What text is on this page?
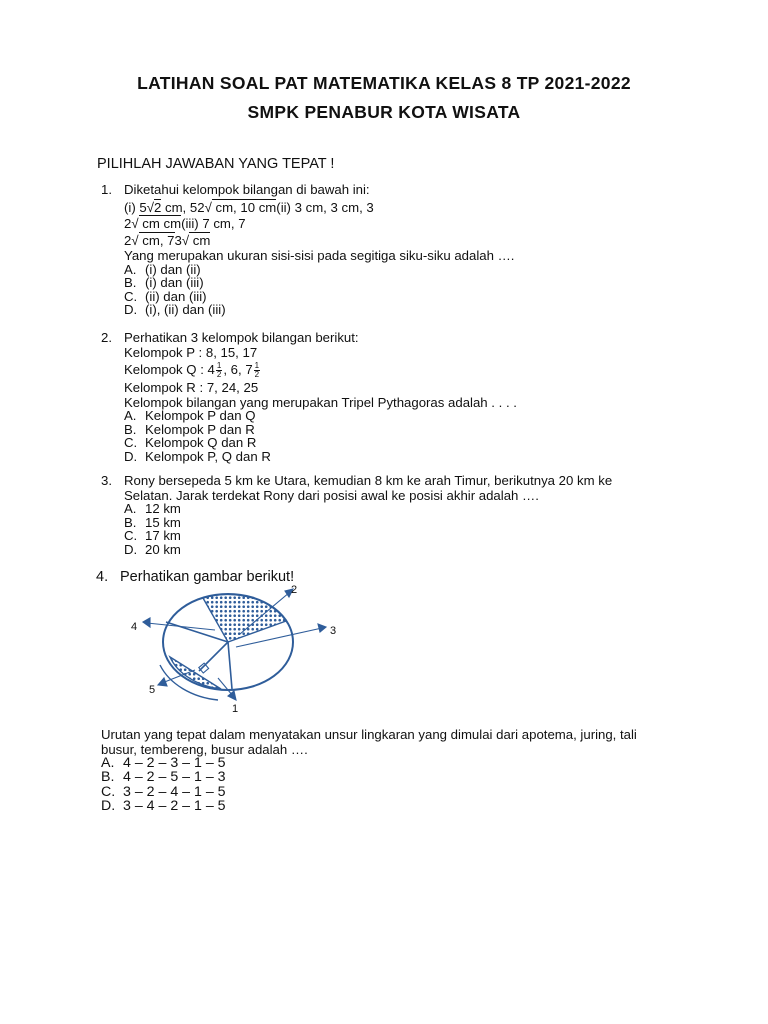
LATIHAN SOAL PAT MATEMATIKA KELAS 8 TP 2021-2022
SMPK PENABUR KOTA WISATA
PILIHLAH JAWABAN YANG TEPAT !
1. Diketahui kelompok bilangan di bawah ini:
(i) 5√2 cm, 52√ cm, 10 cm(ii) 3 cm, 3 cm, 3
2√ cm cm(iii) 7 cm, 7
2√ cm, 73√ cm
Yang merupakan ukuran sisi-sisi pada segitiga siku-siku adalah ….
A. (i) dan (ii)
B. (i) dan (iii)
C. (ii) dan (iii)
D. (i), (ii) dan (iii)
2. Perhatikan 3 kelompok bilangan berikut:
Kelompok P : 8, 15, 17
Kelompok Q : $4 \frac{1}{2}$ , 6, $7 \frac{1}{2}$
Kelompok R : 7, 24, 25
Kelompok bilangan yang merupakan Tripel Pythagoras adalah . . . .
A. Kelompok P dan Q
B. Kelompok P dan R
C. Kelompok Q dan R
D. Kelompok P, Q dan R
3. Rony bersepeda 5 km ke Utara, kemudian 8 km ke arah Timur, berikutnya 20 km ke
Selatan. Jarak terdekat Rony dari posisi awal ke posisi akhir adalah ….
A. 12 km
B. 15 km
C. 17 km
D. 20 km
4. Perhatikan gambar berikut!
1
2
3
4
5
Urutan yang tepat dalam menyatakan unsur lingkaran yang dimulai dari apotema, juring, tali
busur, tembereng, busur adalah ….
A. 4 – 2 – 3 – 1 – 5
B. 4 – 2 – 5 – 1 – 3
C. 3 – 2 – 4 – 1 – 5
D. 3 – 4 – 2 – 1 – 5
